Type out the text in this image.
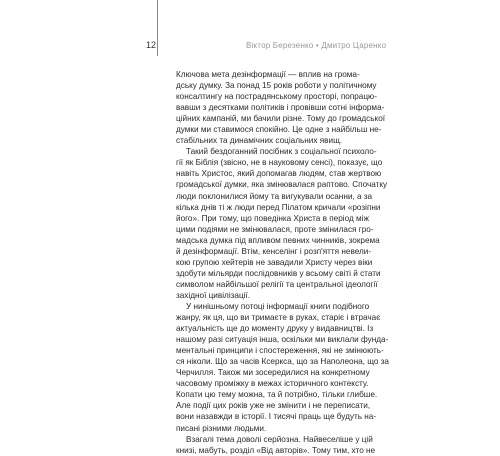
12	Віктор Березенко • Дмитро Царенко

Ключова мета дезінформації — вплив на грома-
дську думку. За понад 15 років роботи у політичному
консалтингу на пострадянському просторі, попрацю-
вавши з десятками політиків і провівши сотні інформа-
ційних кампаній, ми бачили різне. Тому до громадської
думки ми ставимося спокійно. Це одне з найбільш не-
стабільних та динамічних соціальних явищ.

Такий бездоганний посібник з соціальної психоло-
гії як Біблія (звісно, не в науковому сенсі), показує, що
навіть Христос, який допомагав людям, став жертвою
громадської думки, яка змінювалася раптово. Спочатку
люди поклонилися йому та вигукували осанни, а за
кілька днів ті ж люди перед Пілатом кричали «розіпни
його». При тому, що поведінка Христа в період між
цими подіями не змінювалася, проте змінилася гро-
мадська думка під впливом певних чинників, зокрема
й дезінформації. Втім, кенселінг і розп'яття невели-
кою групою хейтерів не завадили Христу через віки
здобути мільярди послідовників у всьому світі й стати
символом найбільшої релігії та центральної ідеології
західної цивілізації.

У нинішньому потоці інформації книги подібного
жанру, як ця, що ви тримаєте в руках, старіє і втрачає
актуальність ще до моменту друку у видавництві. Із
нашому разі ситуація інша, оскільки ми виклали фунда-
ментальні принципи і спостереження, які не змінюють-
ся ніколи. Що за часів Ксеркса, що за Наполеона, що за
Черчилля. Також ми зосередилися на конкретному
часовому проміжку в межах історичного контексту.
Копати цю тему можна, та й потрібно, тільки глибше.
Але події цих років уже не змінити і не переписати,
вони назавжди в історії. І тисячі праць ще будуть на-
писані різними людьми.

Взагалі тема доволі серйозна. Найвеселіше у цій
книзі, мабуть, розділ «Від авторів». Тому тим, хто не
